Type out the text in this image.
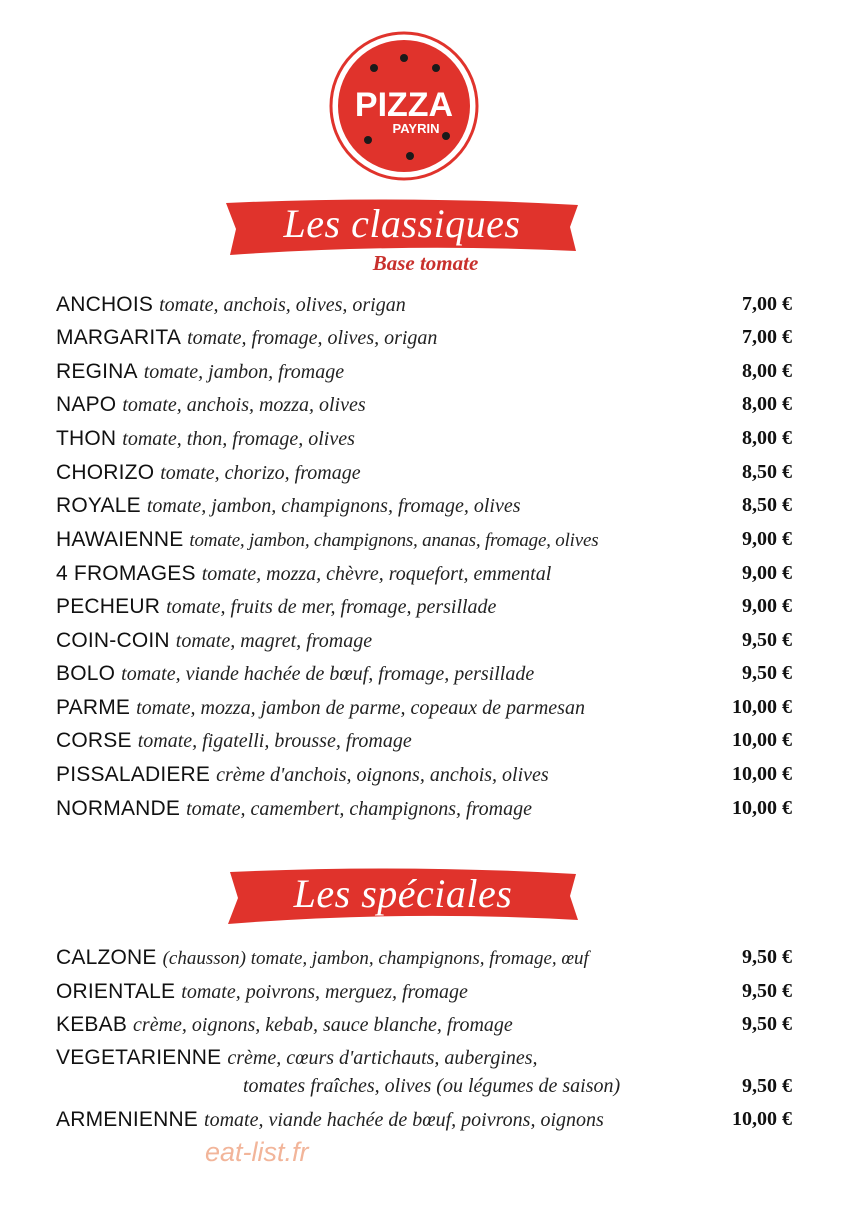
PIZZA
PAYRIN
Les classiques
Base tomate
ANCHOIS tomate, anchois, olives, origan	7,00 €
MARGARITA tomate, fromage, olives, origan	7,00 €
REGINA tomate, jambon, fromage	8,00 €
NAPO tomate, anchois, mozza, olives	8,00 €
THON tomate, thon, fromage, olives	8,00 €
CHORIZO tomate, chorizo, fromage	8,50 €
ROYALE tomate, jambon, champignons, fromage, olives	8,50 €
HAWAIENNE tomate, jambon, champignons, ananas, fromage, olives	9,00 €
4 FROMAGES tomate, mozza, chèvre, roquefort, emmental	9,00 €
PECHEUR tomate, fruits de mer, fromage, persillade	9,00 €
COIN-COIN tomate, magret, fromage	9,50 €
BOLO tomate, viande hachée de bœuf, fromage, persillade	9,50 €
PARME tomate, mozza, jambon de parme, copeaux de parmesan	10,00 €
CORSE tomate, figatelli, brousse, fromage	10,00 €
PISSALADIERE crème d'anchois, oignons, anchois, olives	10,00 €
NORMANDE tomate, camembert, champignons, fromage	10,00 €
Les spéciales
CALZONE (chausson) tomate, jambon, champignons, fromage, œuf	9,50 €
ORIENTALE tomate, poivrons, merguez, fromage	9,50 €
KEBAB crème, oignons, kebab, sauce blanche, fromage	9,50 €
VEGETARIENNE crème, cœurs d'artichauts, aubergines,
tomates fraîches, olives (ou légumes de saison)	9,50 €
ARMENIENNE tomate, viande hachée de bœuf, poivrons, oignons	10,00 €
eat-list.fr
